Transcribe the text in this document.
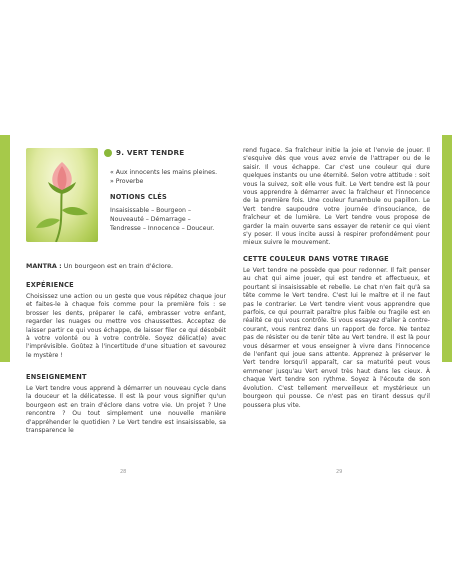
9. VERT TENDRE
« Aux innocents les mains pleines. » Proverbe
NOTIONS CLÉS
Insaisissable – Bourgeon – Nouveauté – Démarrage – Tendresse – Innocence – Douceur.
MANTRA : Un bourgeon est en train d'éclore.
EXPÉRIENCE
Choisissez une action ou un geste que vous répétez chaque jour et faites-le à chaque fois comme pour la première fois : se brosser les dents, préparer le café, embrasser votre enfant, regarder les nuages ou mettre vos chaussettes. Acceptez de laisser partir ce qui vous échappe, de laisser filer ce qui désobéit à votre volonté ou à votre contrôle. Soyez délicat(e) avec l'imprévisible. Goûtez à l'incertitude d'une situation et savourez le mystère !
ENSEIGNEMENT
Le Vert tendre vous apprend à démarrer un nouveau cycle dans la douceur et la délicatesse. Il est là pour vous signifier qu'un bourgeon est en train d'éclore dans votre vie. Un projet ? Une rencontre ? Ou tout simplement une nouvelle manière d'appréhender le quotidien ? Le Vert tendre est insaisissable, sa transparence le
28
rend fugace. Sa fraîcheur initie la joie et l'envie de jouer. Il s'esquive dès que vous avez envie de l'attraper ou de le saisir. Il vous échappe. Car c'est une couleur qui dure quelques instants ou une éternité. Selon votre attitude : soit vous la suivez, soit elle vous fuit. Le Vert tendre est là pour vous apprendre à démarrer avec la fraîcheur et l'innocence de la première fois. Une couleur funambule ou papillon. Le Vert tendre saupoudre votre journée d'insouciance, de fraîcheur et de lumière. Le Vert tendre vous propose de garder la main ouverte sans essayer de retenir ce qui vient s'y poser. Il vous incite aussi à respirer profondément pour mieux suivre le mouvement.
CETTE COULEUR DANS VOTRE TIRAGE
Le Vert tendre ne possède que pour redonner. Il fait penser au chat qui aime jouer, qui est tendre et affectueux, et pourtant si insaisissable et rebelle. Le chat n'en fait qu'à sa tête comme le Vert tendre. C'est lui le maître et il ne faut pas le contrarier. Le Vert tendre vient vous apprendre que parfois, ce qui pourrait paraître plus faible ou fragile est en réalité ce qui vous contrôle. Si vous essayez d'aller à contre-courant, vous rentrez dans un rapport de force. Ne tentez pas de résister ou de tenir tête au Vert tendre. Il est là pour vous désarmer et vous enseigner à vivre dans l'innocence de l'enfant qui joue sans attente. Apprenez à préserver le Vert tendre lorsqu'il apparaît, car sa maturité peut vous emmener jusqu'au Vert envol très haut dans les cieux. À chaque Vert tendre son rythme. Soyez à l'écoute de son évolution. C'est tellement merveilleux et mystérieux un bourgeon qui pousse. Ce n'est pas en tirant dessus qu'il poussera plus vite.
29
